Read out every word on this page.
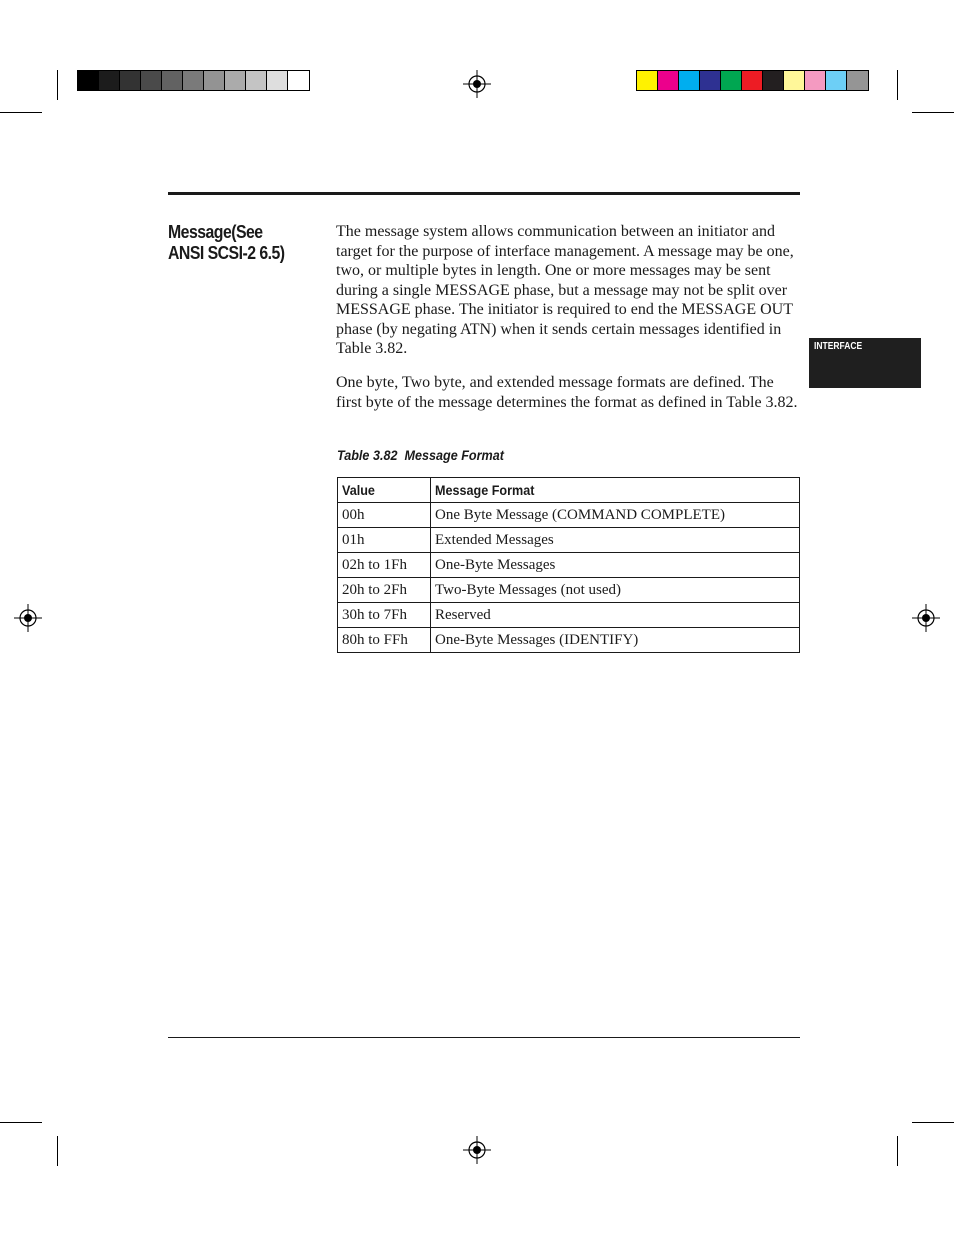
Message(See
ANSI SCSI-2 6.5)
The message system allows communication between an initiator and target for the purpose of interface management. A message may be one, two, or multiple bytes in length. One or more messages may be sent during a single MESSAGE phase, but a message may not be split over MESSAGE phase. The initiator is required to end the MESSAGE OUT phase (by negating ATN) when it sends certain messages identified in Table 3.82.
One byte, Two byte, and extended message formats are defined. The first byte of the message determines the format as defined in Table 3.82.
INTERFACE
Table 3.82  Message Format
Value	Message Format
00h	One Byte Message (COMMAND COMPLETE)
01h	Extended Messages
02h to 1Fh	One-Byte Messages
20h to 2Fh	Two-Byte Messages (not used)
30h to 7Fh	Reserved
80h to FFh	One-Byte Messages (IDENTIFY)
